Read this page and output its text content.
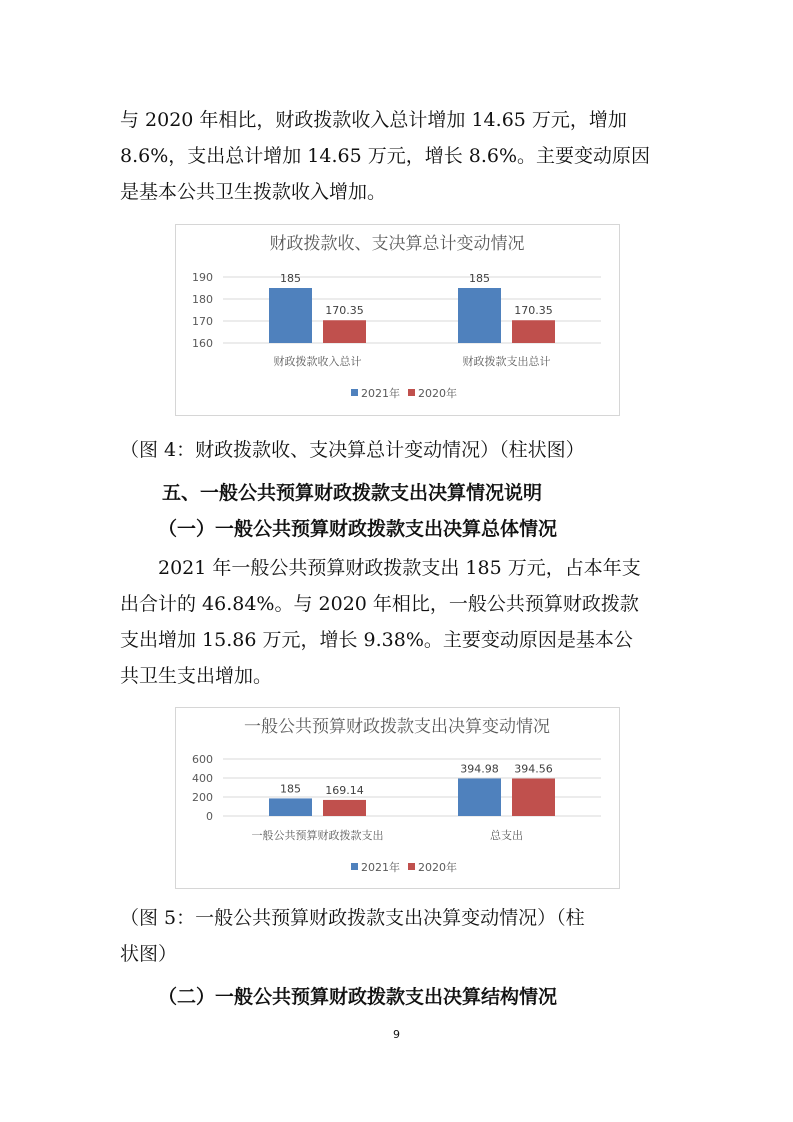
与 2020 年相比，财政拨款收入总计增加 14.65 万元，增加
8.6%，支出总计增加 14.65 万元，增长 8.6%。主要变动原因
是基本公共卫生拨款收入增加。
财政拨款收、支决算总计变动情况
160
170
180
190	185
170.35
财政拨款收入总计
185
170.35
财政拨款支出总计
2021年 2020年
（图 4：财政拨款收、支决算总计变动情况）（柱状图）
五、一般公共预算财政拨款支出决算情况说明
（一）一般公共预算财政拨款支出决算总体情况
2021 年一般公共预算财政拨款支出 185 万元，占本年支
出合计的 46.84%。与 2020 年相比，一般公共预算财政拨款
支出增加 15.86 万元，增长 9.38%。主要变动原因是基本公
共卫生支出增加。
一般公共预算财政拨款支出决算变动情况
0
200
400
600
185 169.14
一般公共预算财政拨款支出
394.98 394.56
总支出
2021年 2020年
（图 5：一般公共预算财政拨款支出决算变动情况）（柱
状图）
（二）一般公共预算财政拨款支出决算结构情况
9
